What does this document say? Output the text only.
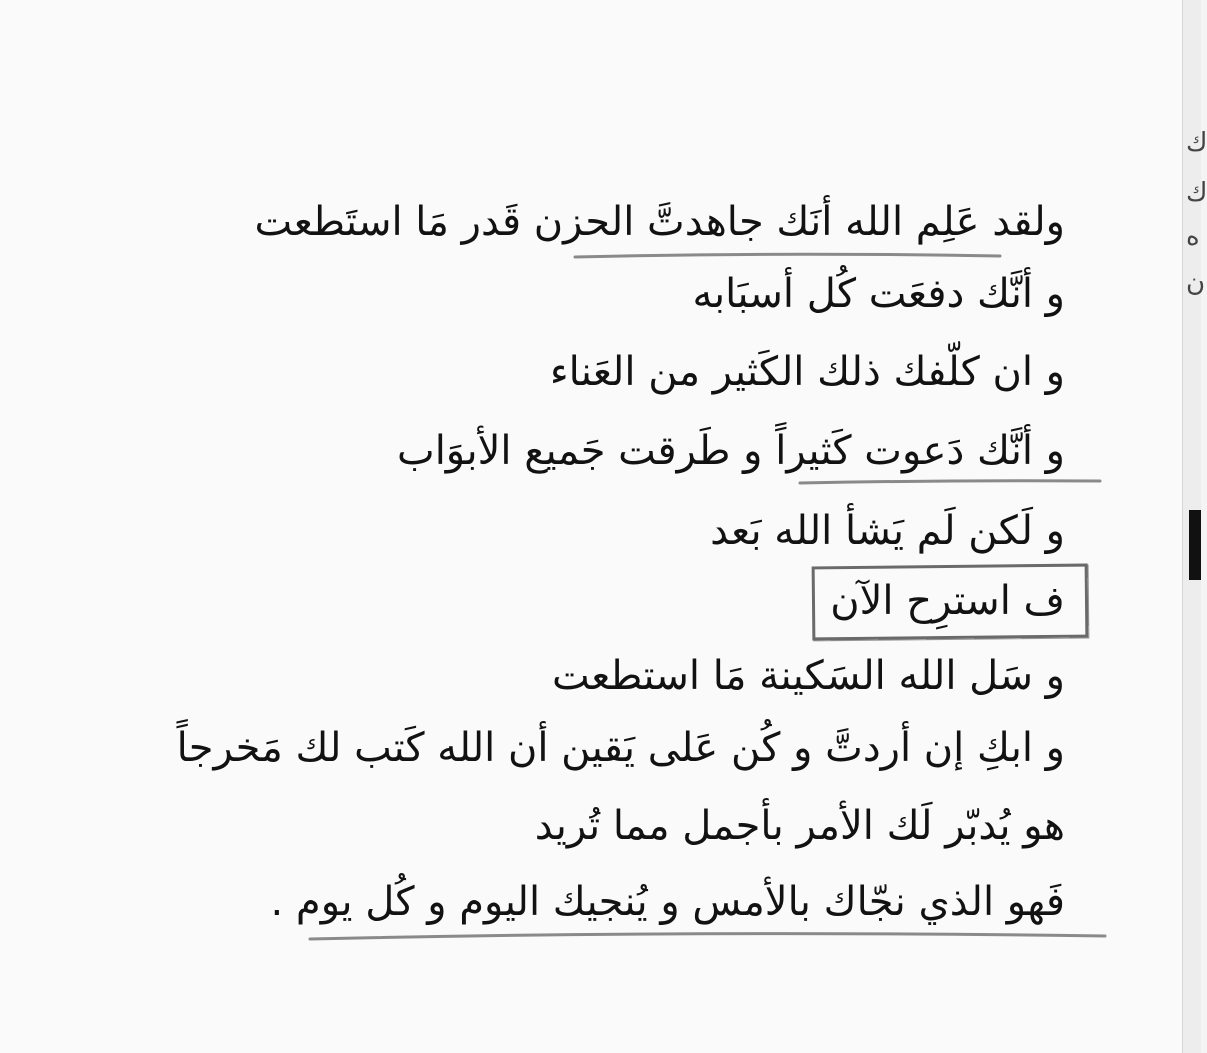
ك
ك
ه
ن
ولقد عَلِم الله أنَك جاهدتَّ الحزن قَدر مَا استَطعت
و أنَّك دفعَت كُل أسبَابه
و ان كلّفك ذلك الكَثير من العَناء
و أنَّك دَعوت كَثيراً و طَرقت جَميع الأبوَاب
و لَكن لَم يَشأ الله بَعد
ف استرِح الآن
و سَل الله السَكينة مَا استطعت
و ابكِ إن أردتَّ و كُن عَلى يَقين أن الله كَتب لك مَخرجاً
هو يُدبّر لَك الأمر بأجمل مما تُريد
فَهو الذي نجّاك بالأمس و يُنجيك اليوم و كُل يوم .
